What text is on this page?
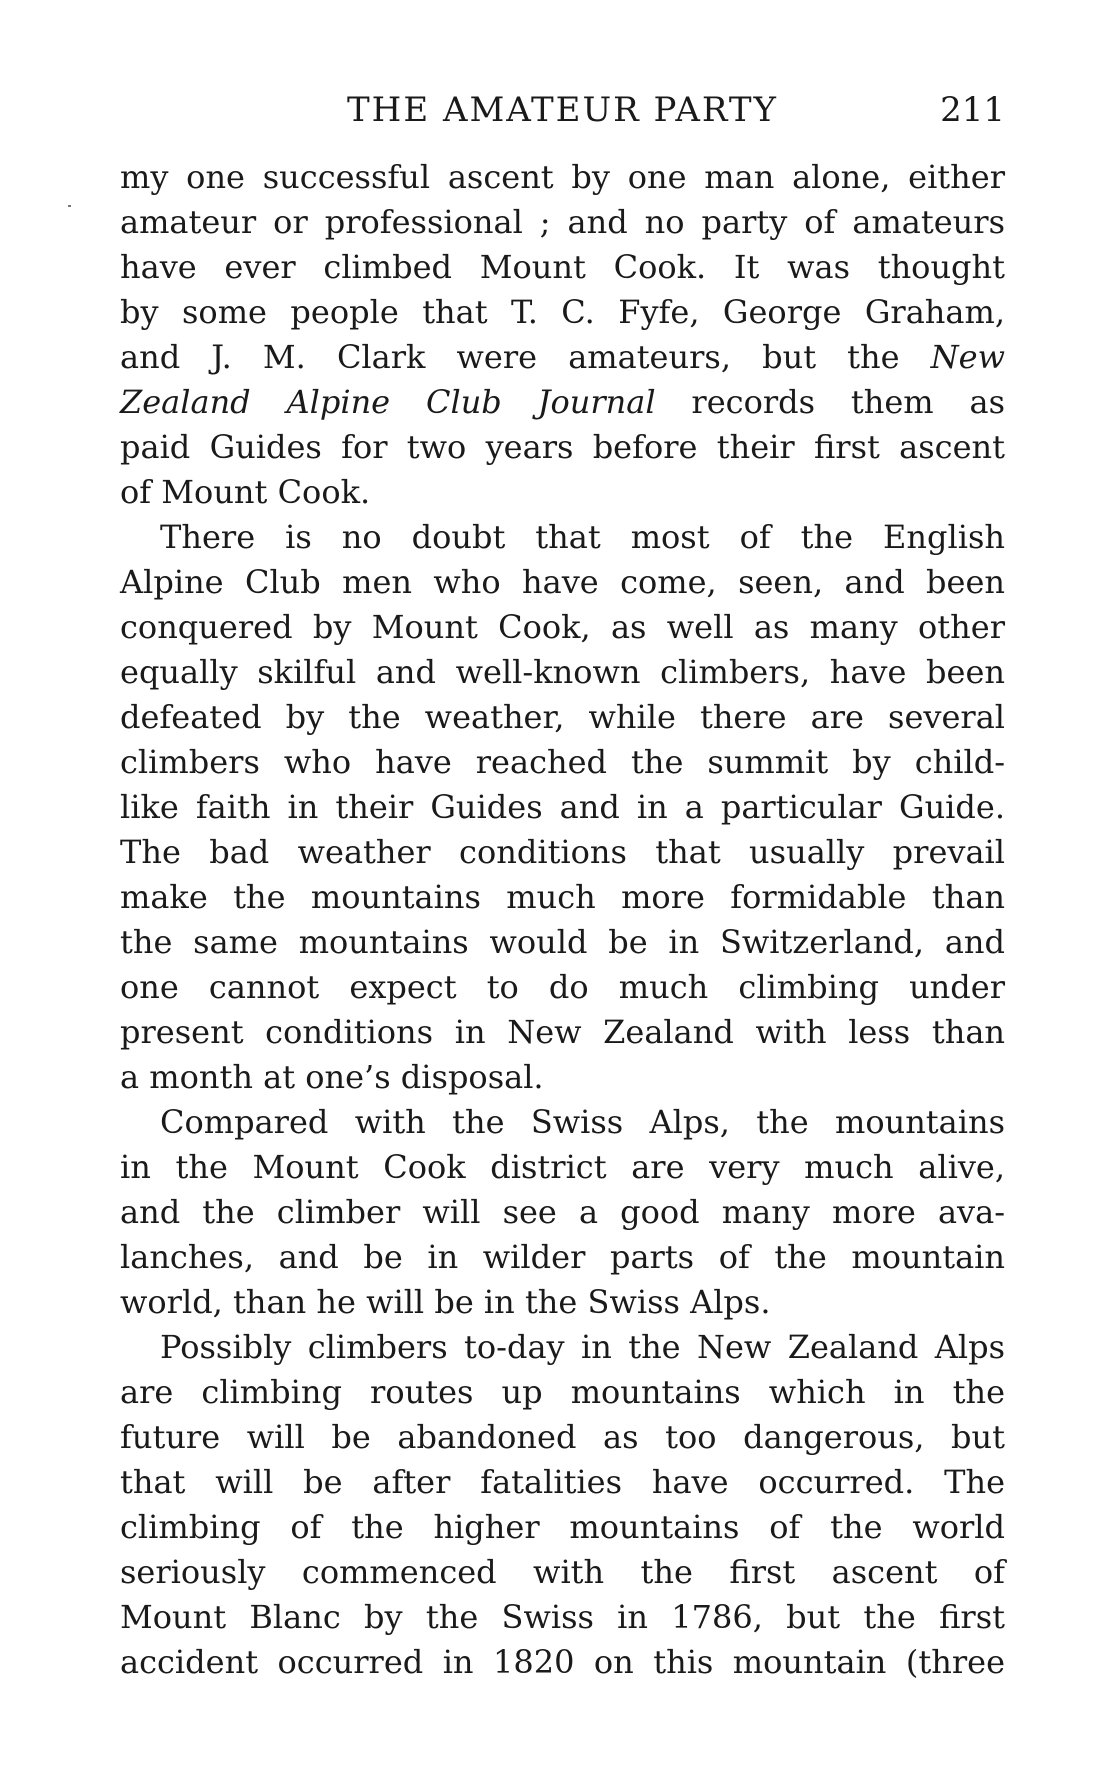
THE AMATEUR PARTY	211
my one successful ascent by one man alone, either
amateur or professional ; and no party of amateurs
have ever climbed Mount Cook. It was thought
by some people that T. C. Fyfe, George Graham,
and J. M. Clark were amateurs, but the New
Zealand Alpine Club Journal records them as
paid Guides for two years before their first ascent
of Mount Cook.
There is no doubt that most of the English
Alpine Club men who have come, seen, and been
conquered by Mount Cook, as well as many other
equally skilful and well-known climbers, have been
defeated by the weather, while there are several
climbers who have reached the summit by child-
like faith in their Guides and in a particular Guide.
The bad weather conditions that usually prevail
make the mountains much more formidable than
the same mountains would be in Switzerland, and
one cannot expect to do much climbing under
present conditions in New Zealand with less than
a month at one’s disposal.
Compared with the Swiss Alps, the mountains
in the Mount Cook district are very much alive,
and the climber will see a good many more ava-
lanches, and be in wilder parts of the mountain
world, than he will be in the Swiss Alps.
Possibly climbers to-day in the New Zealand Alps
are climbing routes up mountains which in the
future will be abandoned as too dangerous, but
that will be after fatalities have occurred. The
climbing of the higher mountains of the world
seriously commenced with the first ascent of
Mount Blanc by the Swiss in 1786, but the first
accident occurred in 1820 on this mountain (three
